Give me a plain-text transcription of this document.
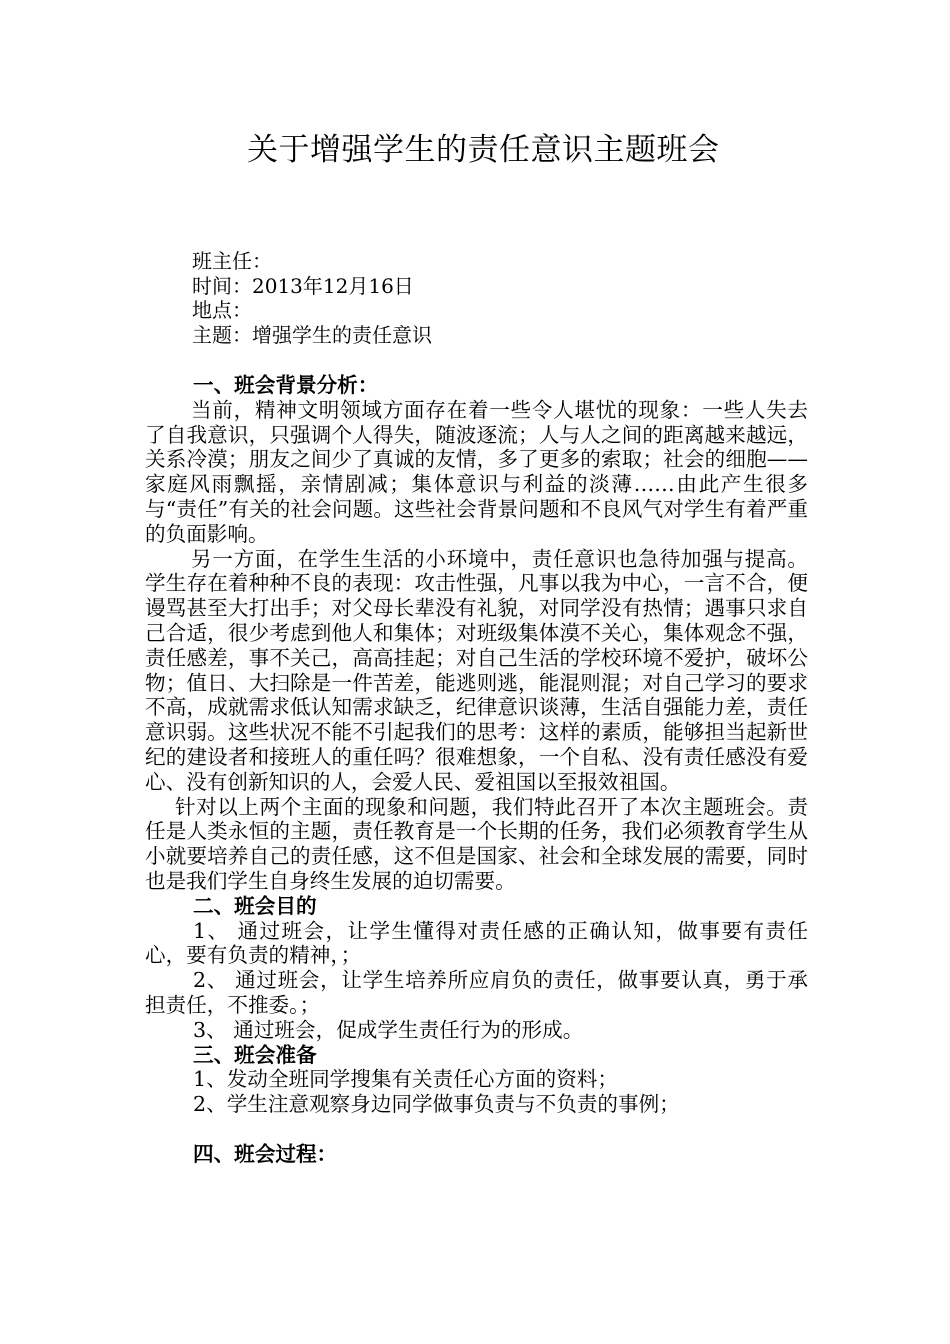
关于增强学生的责任意识主题班会
班主任：
时间：2013年12月16日
地点：
主题：增强学生的责任意识
一、班会背景分析：

当前，精神文明领域方面存在着一些令人堪忧的现象：一些人失去了自我意识，只强调个人得失，随波逐流；人与人之间的距离越来越远，关系冷漠；朋友之间少了真诚的友情，多了更多的索取；社会的细胞——家庭风雨飘摇，亲情剧减；集体意识与利益的淡薄……由此产生很多与“责任”有关的社会问题。这些社会背景问题和不良风气对学生有着严重的负面影响。

另一方面，在学生生活的小环境中，责任意识也急待加强与提高。学生存在着种种不良的表现：攻击性强，凡事以我为中心，一言不合，便谩骂甚至大打出手；对父母长辈没有礼貌，对同学没有热情；遇事只求自己合适，很少考虑到他人和集体；对班级集体漠不关心，集体观念不强，责任感差，事不关己，高高挂起；对自己生活的学校环境不爱护，破坏公物；值日、大扫除是一件苦差，能逃则逃，能混则混；对自己学习的要求不高，成就需求低认知需求缺乏，纪律意识谈薄，生活自强能力差，责任意识弱。这些状况不能不引起我们的思考：这样的素质，能够担当起新世纪的建设者和接班人的重任吗？很难想象，一个自私、没有责任感没有爱心、没有创新知识的人，会爱人民、爱祖国以至报效祖国。

针对以上两个主面的现象和问题，我们特此召开了本次主题班会。责任是人类永恒的主题，责任教育是一个长期的任务，我们必须教育学生从小就要培养自己的责任感，这不但是国家、社会和全球发展的需要，同时也是我们学生自身终生发展的迫切需要。

二、班会目的

1、 通过班会，让学生懂得对责任感的正确认知，做事要有责任心，要有负责的精神，；

2、 通过班会，让学生培养所应肩负的责任，做事要认真，勇于承担责任，不推委。；

3、 通过班会，促成学生责任行为的形成。

三、班会准备

1、发动全班同学搜集有关责任心方面的资料；

2、学生注意观察身边同学做事负责与不负责的事例；

四、班会过程：
